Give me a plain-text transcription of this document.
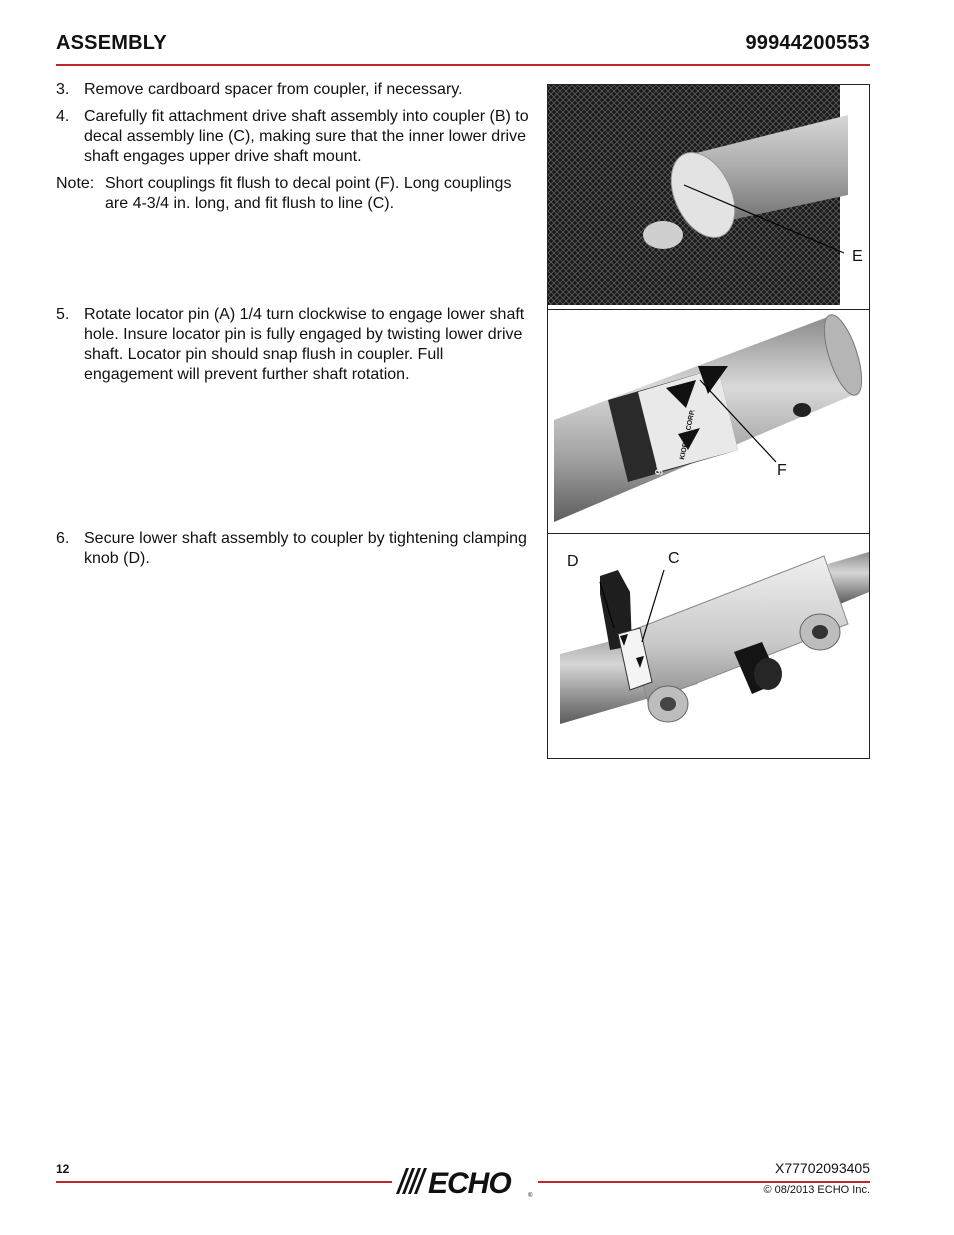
ASSEMBLY	99944200553
3. Remove cardboard spacer from coupler, if necessary.
4. Carefully fit attachment drive shaft assembly into coupler (B) to decal assembly line (C), making sure that the inner lower drive shaft engages upper drive shaft mount.
Note: Short couplings fit flush to decal point (F). Long couplings are 4-3/4 in. long, and fit flush to line (C).
5. Rotate locator pin (A) 1/4 turn clockwise to engage lower shaft hole. Insure locator pin is fully engaged by twisting lower drive shaft. Locator pin should snap flush in coupler. Full engagement will prevent further shaft rotation.
6. Secure lower shaft assembly to coupler by tightening clamping knob (D).
E
99942-00640 KIORITZ CORP.
F
D	C
12	X77702093405
ECHO	®	© 08/2013 ECHO Inc.
